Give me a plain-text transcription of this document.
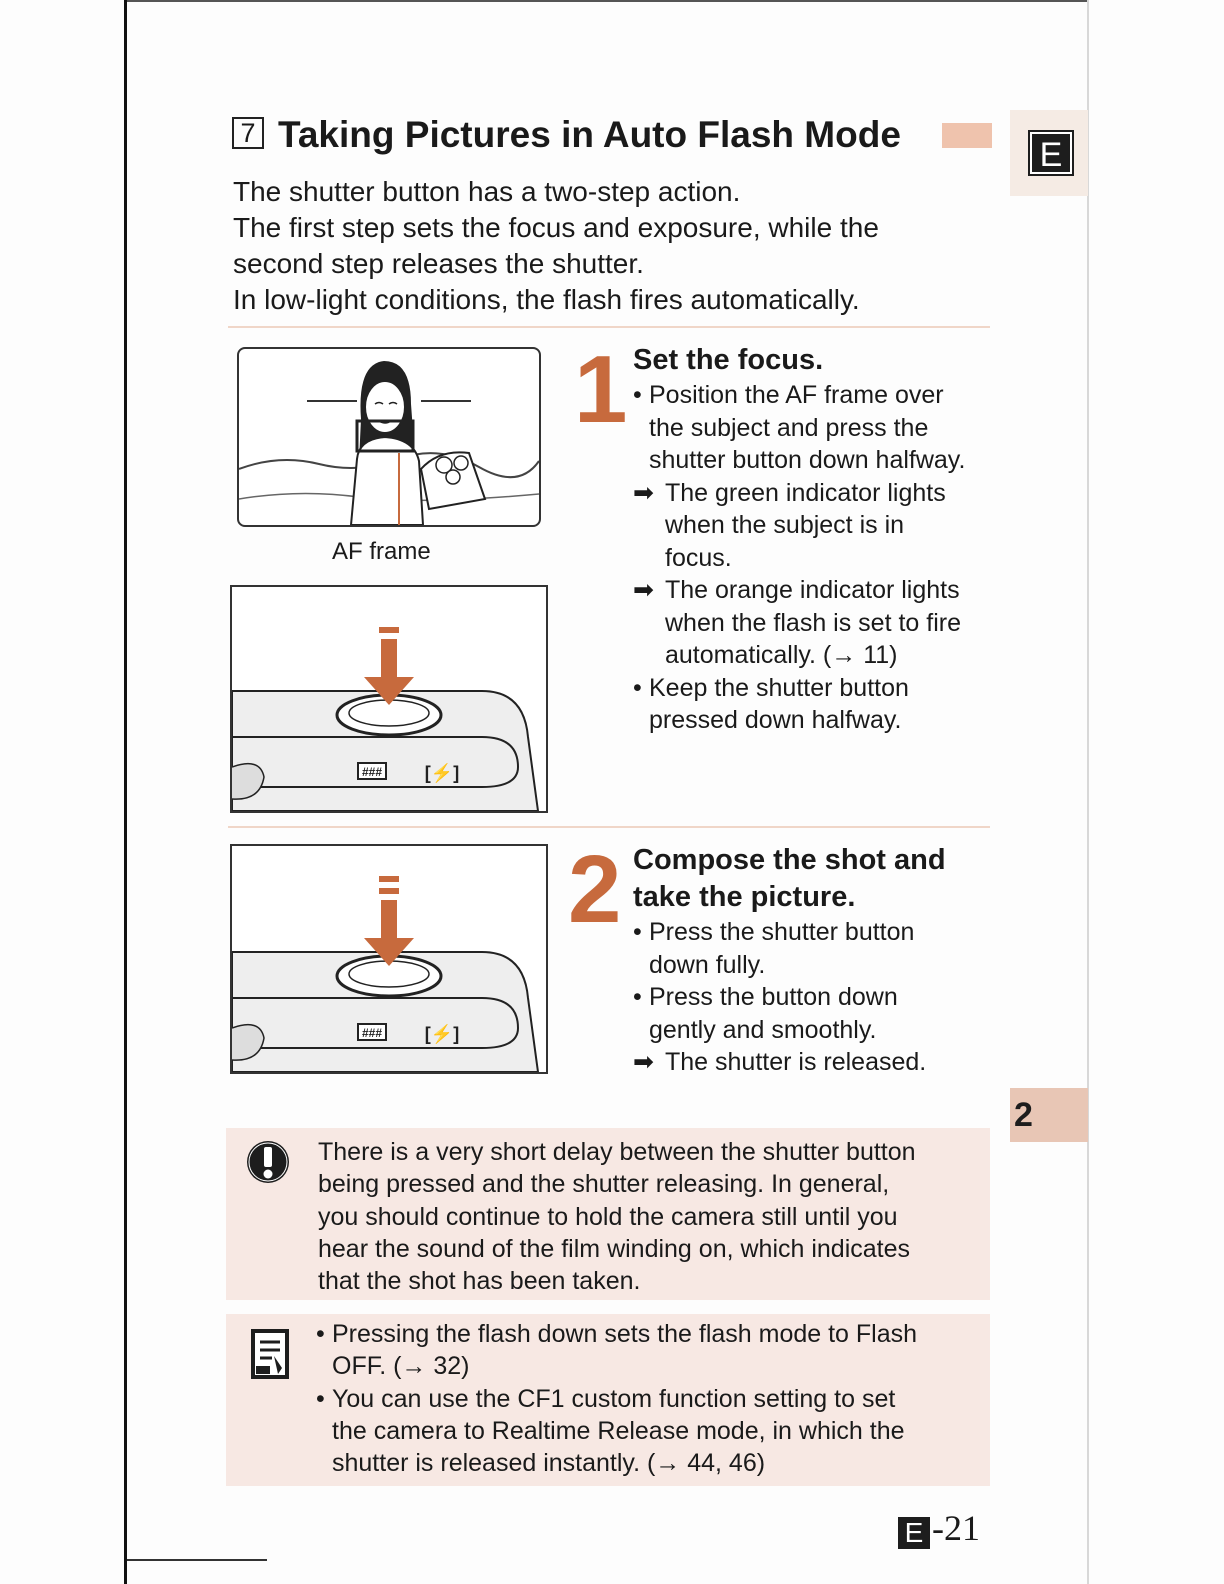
E
2
7 Taking Pictures in Auto Flash Mode
The shutter button has a two-step action.
The first step sets the focus and exposure, while the
second step releases the shutter.
In low-light conditions, the flash fires automatically.
AF frame
### [⚡]
1 Set the focus.
• Position the AF frame over
the subject and press the
shutter button down halfway.
➡ The green indicator lights
when the subject is in
focus.
➡ The orange indicator lights
when the flash is set to fire
automatically. (→ 11)
• Keep the shutter button
pressed down halfway.
### [⚡]
2 Compose the shot and
take the picture.
• Press the shutter button
down fully.
• Press the button down
gently and smoothly.
➡ The shutter is released.
There is a very short delay between the shutter button
being pressed and the shutter releasing. In general,
you should continue to hold the camera still until you
hear the sound of the film winding on, which indicates
that the shot has been taken.
• Pressing the flash down sets the flash mode to Flash
OFF. (→ 32)
• You can use the CF1 custom function setting to set
the camera to Realtime Release mode, in which the
shutter is released instantly. (→ 44, 46)
E -21
